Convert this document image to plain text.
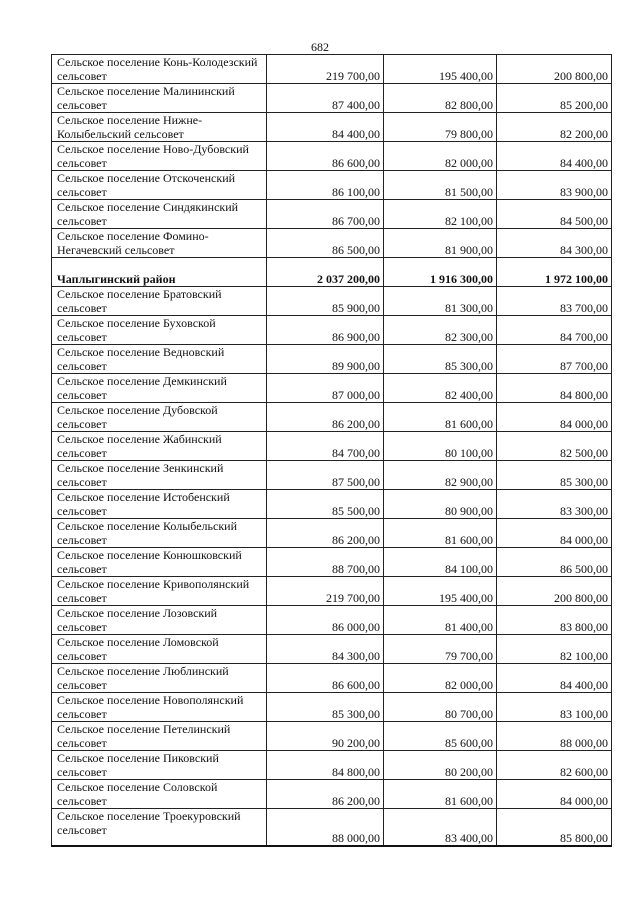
682
Сельское поселение Конь-Колодезский сельсовет	219 700,00	195 400,00	200 800,00
Сельское поселение Малининский сельсовет	87 400,00	82 800,00	85 200,00
Сельское поселение Нижне-Колыбельский сельсовет	84 400,00	79 800,00	82 200,00
Сельское поселение Ново-Дубовский сельсовет	86 600,00	82 000,00	84 400,00
Сельское поселение Отскоченский сельсовет	86 100,00	81 500,00	83 900,00
Сельское поселение Синдякинский сельсовет	86 700,00	82 100,00	84 500,00
Сельское поселение Фомино-Негачевский сельсовет	86 500,00	81 900,00	84 300,00
Чаплыгинский район	2 037 200,00	1 916 300,00	1 972 100,00
Сельское поселение Братовский сельсовет	85 900,00	81 300,00	83 700,00
Сельское поселение Буховской сельсовет	86 900,00	82 300,00	84 700,00
Сельское поселение Ведновский сельсовет	89 900,00	85 300,00	87 700,00
Сельское поселение Демкинский сельсовет	87 000,00	82 400,00	84 800,00
Сельское поселение Дубовской сельсовет	86 200,00	81 600,00	84 000,00
Сельское поселение Жабинский сельсовет	84 700,00	80 100,00	82 500,00
Сельское поселение Зенкинский сельсовет	87 500,00	82 900,00	85 300,00
Сельское поселение Истобенский сельсовет	85 500,00	80 900,00	83 300,00
Сельское поселение Колыбельский сельсовет	86 200,00	81 600,00	84 000,00
Сельское поселение Конюшковский сельсовет	88 700,00	84 100,00	86 500,00
Сельское поселение Кривополянский сельсовет	219 700,00	195 400,00	200 800,00
Сельское поселение Лозовский сельсовет	86 000,00	81 400,00	83 800,00
Сельское поселение Ломовской сельсовет	84 300,00	79 700,00	82 100,00
Сельское поселение Люблинский сельсовет	86 600,00	82 000,00	84 400,00
Сельское поселение Новополянский сельсовет	85 300,00	80 700,00	83 100,00
Сельское поселение Петелинский сельсовет	90 200,00	85 600,00	88 000,00
Сельское поселение Пиковский сельсовет	84 800,00	80 200,00	82 600,00
Сельское поселение Соловской сельсовет	86 200,00	81 600,00	84 000,00
Сельское поселение Троекуровский сельсовет	88 000,00	83 400,00	85 800,00
